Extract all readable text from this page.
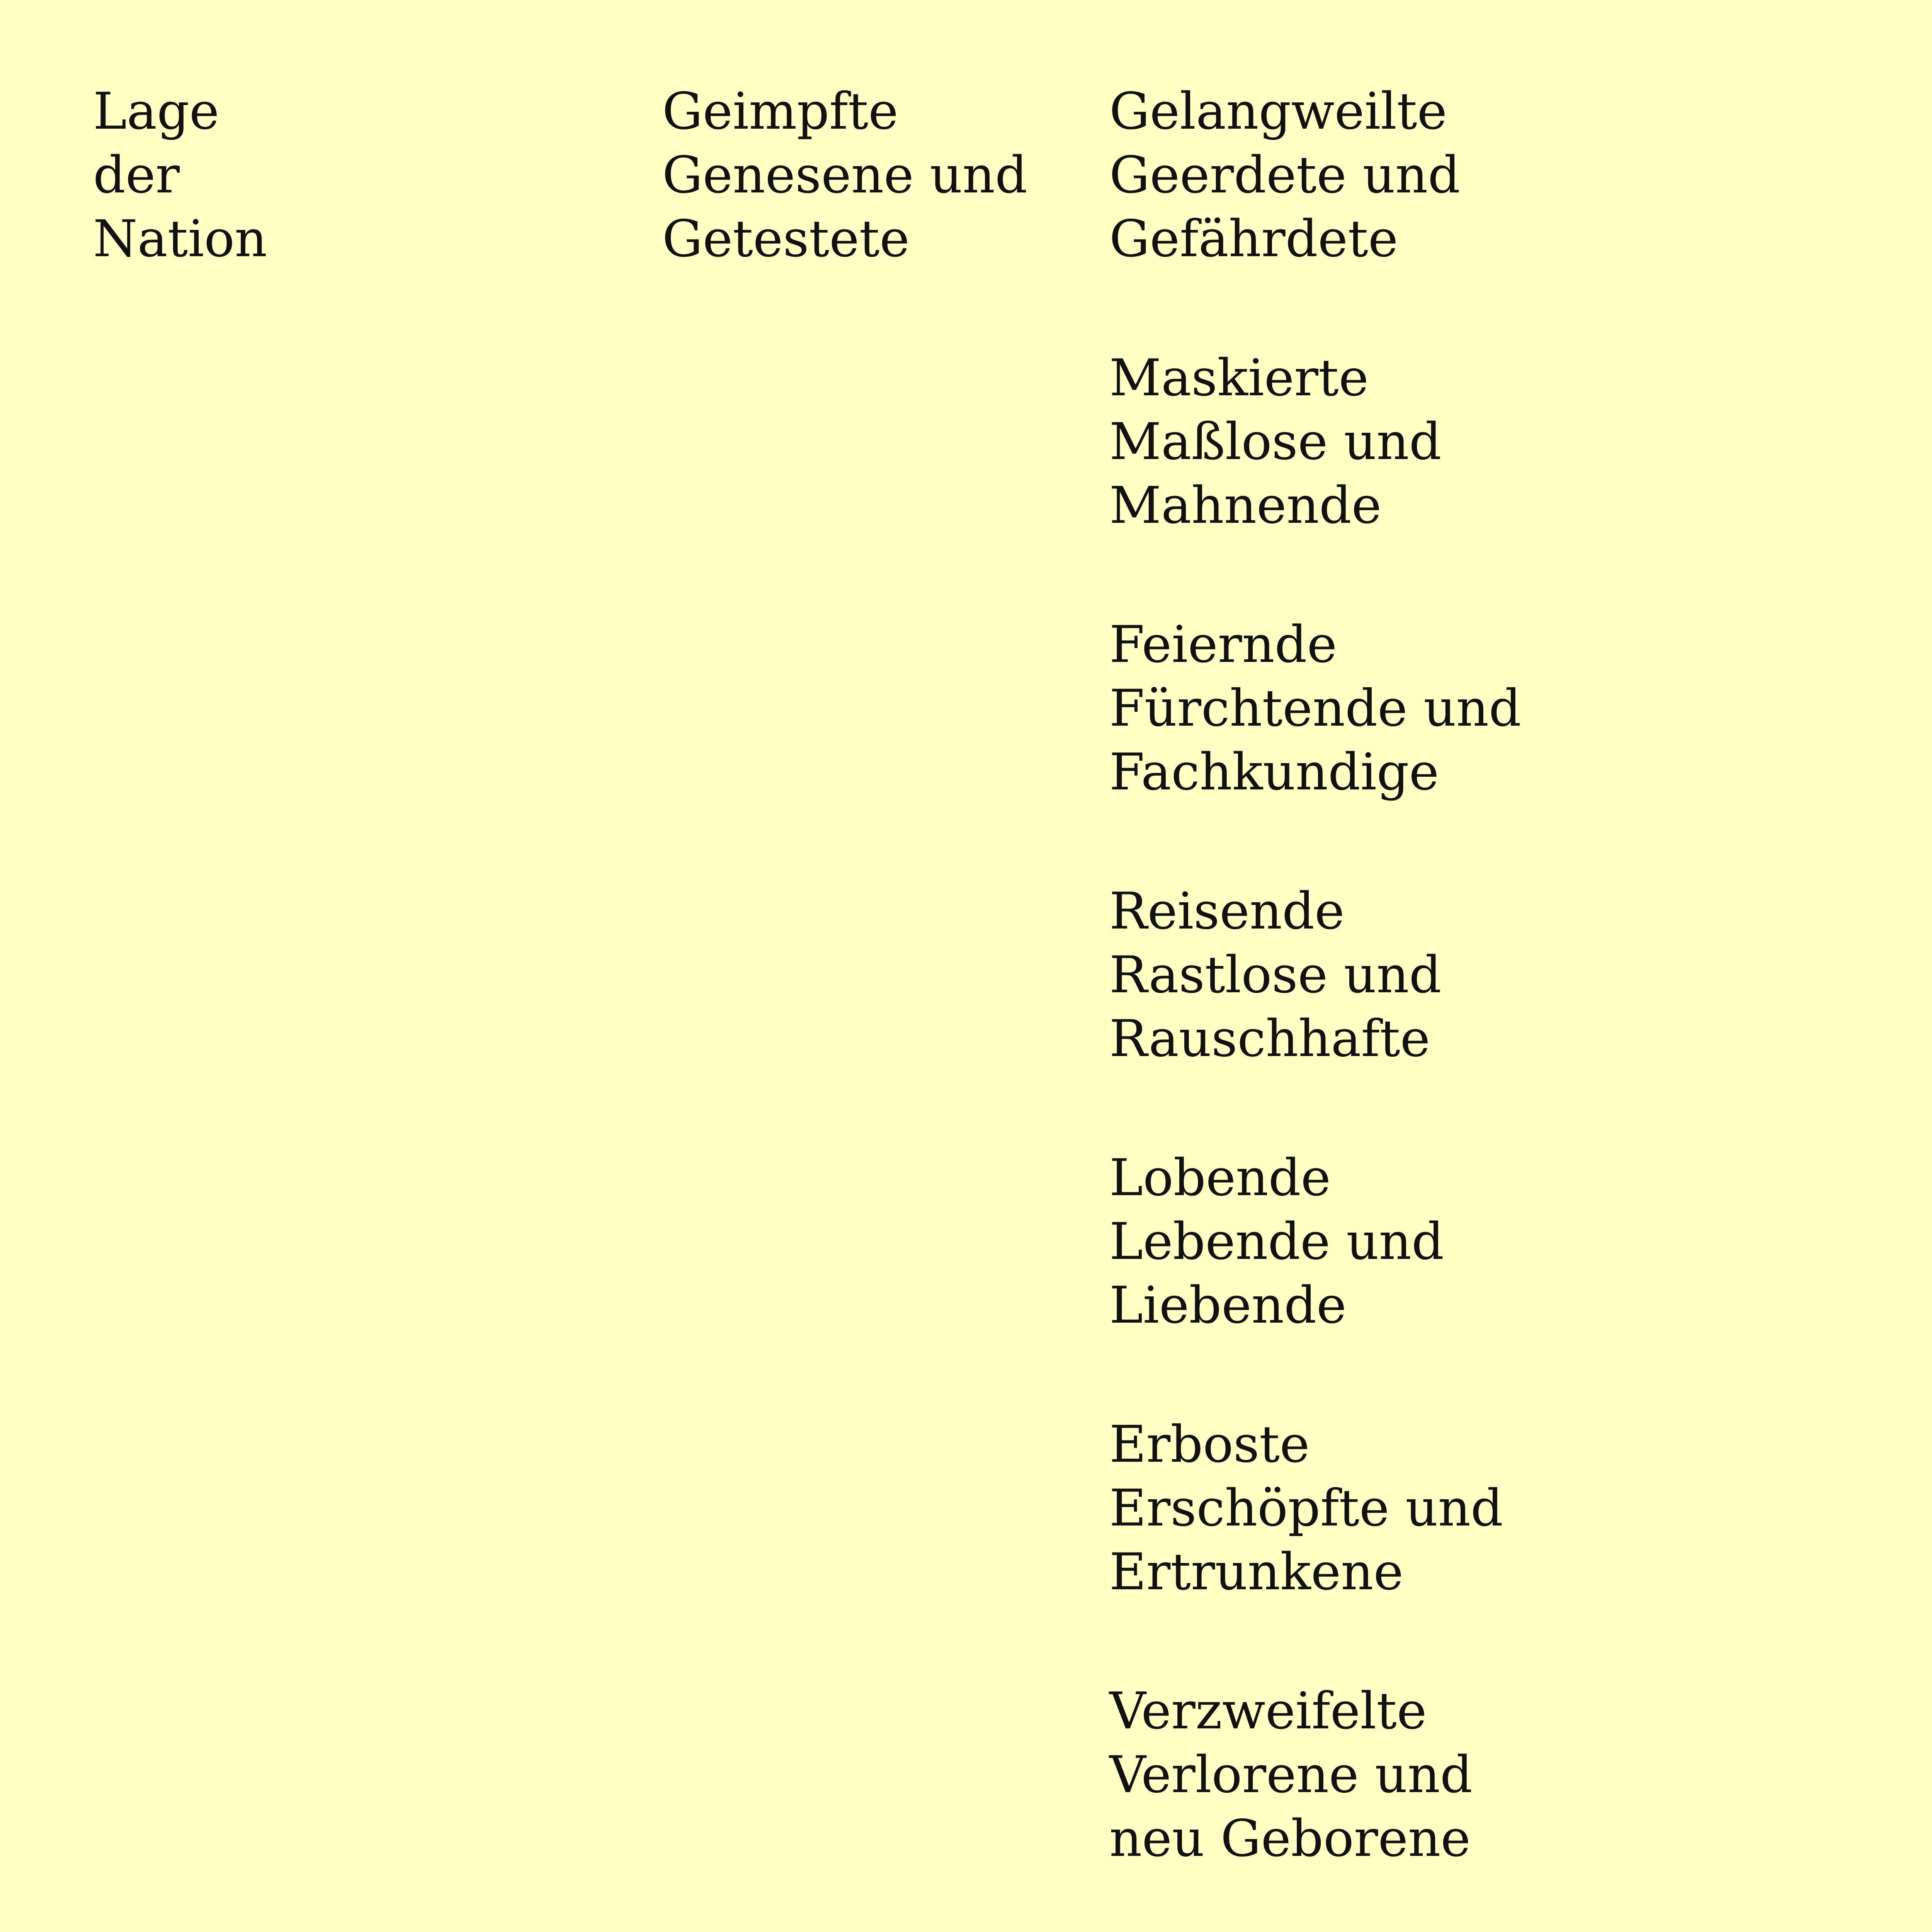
Lage
der
Nation
Geimpfte
Genesene und
Getestete
Gelangweilte
Geerdete und
Gefährdete
Maskierte
Maßlose und
Mahnende
Feiernde
Fürchtende und
Fachkundige
Reisende
Rastlose und
Rauschhafte
Lobende
Lebende und
Liebende
Erboste
Erschöpfte und
Ertrunkene
Verzweifelte
Verlorene und
neu Geborene
